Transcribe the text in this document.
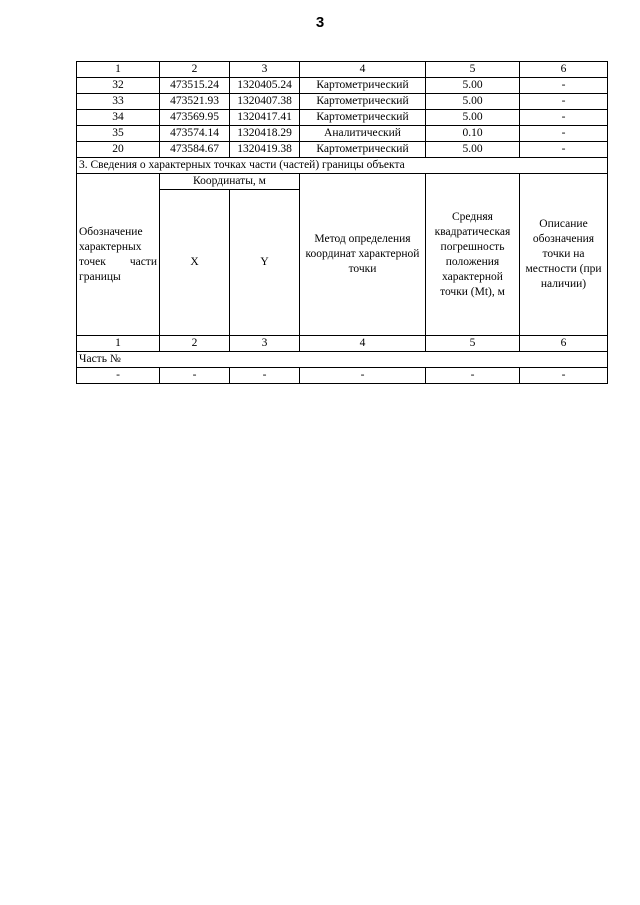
3
1	2	3	4	5	6
32	473515.24	1320405.24	Картометрический	5.00	-
33	473521.93	1320407.38	Картометрический	5.00	-
34	473569.95	1320417.41	Картометрический	5.00	-
35	473574.14	1320418.29	Аналитический	0.10	-
20	473584.67	1320419.38	Картометрический	5.00	-
3. Сведения о характерных точках части (частей) границы объекта					
Обозначение
характерных

точек части
границы	Координаты, м		Метод определения координат характерной точки	Средняя квадратическая погрешность положения характерной точки (Mt), м	Описание обозначения точки на местности (при наличии)
	X	Y			
1	2	3	4	5	6
Часть №					
-	-	-	-	-	-
